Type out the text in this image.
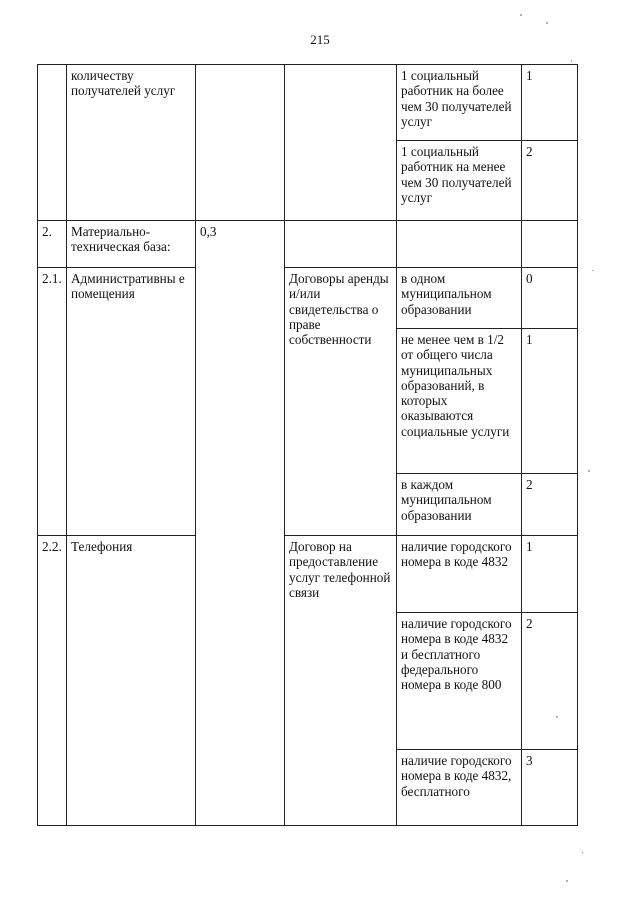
215
	количеству получателей услуг			1 социальный работник на более чем 30 получателей услуг	1
				1 социальный работник на менее чем 30 получателей услуг	2
2.	Материально-техническая база:	0,3			
2.1.	Административны е помещения		Договоры аренды и/или свидетельства о праве собственности	в одном муниципальном образовании	0
				не менее чем в 1/2 от общего числа муниципальных образований, в которых оказываются социальные услуги	1
				в каждом муниципальном образовании	2
2.2.	Телефония		Договор на предоставление услуг телефонной связи	наличие городского номера в коде 4832	1
				наличие городского номера в коде 4832 и бесплатного федерального номера в коде 800	2
				наличие городского номера в коде 4832, бесплатного	3
